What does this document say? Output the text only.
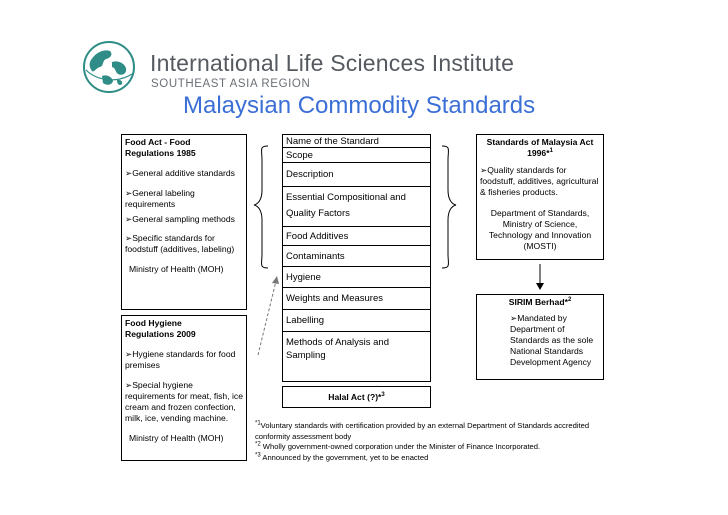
International Life Sciences Institute
SOUTHEAST ASIA REGION
Malaysian Commodity Standards

Food Act - Food

Regulations 1985

➢General additive standards

➢General labeling requirements

➢General sampling methods

➢Specific standards for foodstuff (additives, labeling)

Ministry of Health (MOH)

Food Hygiene

Regulations 2009

➢Hygiene standards for food premises

➢Special hygiene requirements for meat, fish, ice cream and frozen confection, milk, ice, vending machine.

Ministry of Health (MOH)

Name of the Standard
Scope
Description
Essential Compositional and Quality Factors
Food Additives
Contaminants
Hygiene
Weights and Measures
Labelling
Methods of Analysis and Sampling
Halal Act (?)*$^3$

Standards of Malaysia Act 1996*$^1$

➢Quality standards for foodstuff, additives, agricultural & fisheries products.

Department of Standards, Ministry of Science, Technology and Innovation (MOSTI)

SIRIM Berhad*$^2$

➢Mandated by Department of Standards as the sole National Standards Development Agency

$^{*1}$Voluntary standards with certification provided by an external Department of Standards accredited conformity assessment body

$^{*2}$ Wholly government-owned corporation under the Minister of Finance Incorporated.

$^{*3}$ Announced by the government, yet to be enacted
